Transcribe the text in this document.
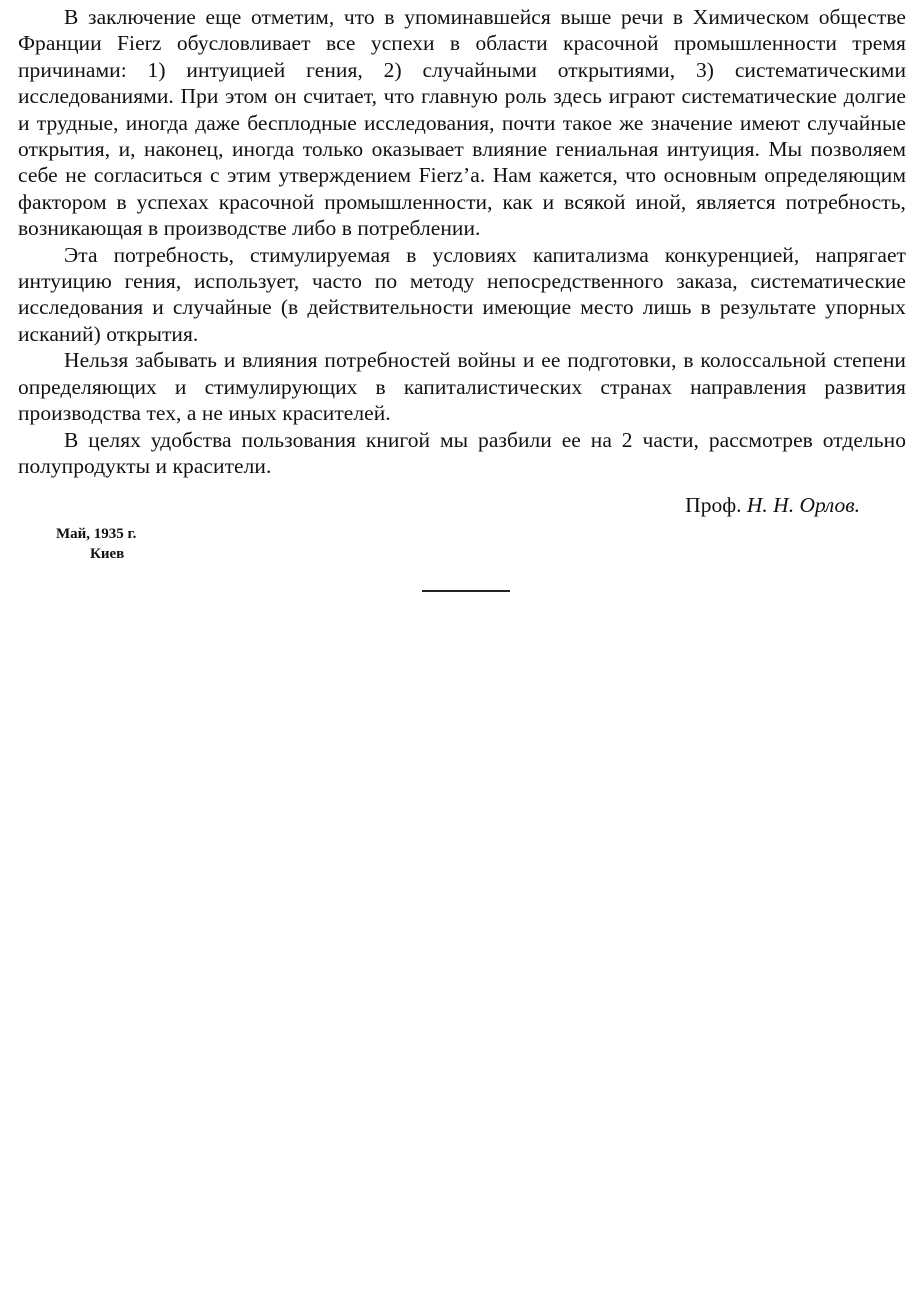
В заключение еще отметим, что в упоминавшейся выше речи в Химическом обществе Франции Fierz обусловливает все успехи в области красочной промышленности тремя причинами: 1) интуицией гения, 2) случайными открытиями, 3) систематическими исследованиями. При этом он считает, что главную роль здесь играют систематические долгие и трудные, иногда даже бесплодные исследования, почти такое же значение имеют случайные открытия, и, наконец, иногда только оказывает влияние гениальная интуиция. Мы позволяем себе не согласиться с этим утверждением Fierz’a. Нам кажется, что основным определяющим фактором в успехах красочной промышленности, как и всякой иной, является потребность, возникающая в производстве либо в потреблении.

Эта потребность, стимулируемая в условиях капитализма конкуренцией, напрягает интуицию гения, использует, часто по методу непосредственного заказа, систематические исследования и случайные (в действительности имеющие место лишь в результате упорных исканий) открытия.

Нельзя забывать и влияния потребностей войны и ее подготовки, в колоссальной степени определяющих и стимулирующих в капиталистических странах направления развития производства тех, а не иных красителей.

В целях удобства пользования книгой мы разбили ее на 2 части, рассмотрев отдельно полупродукты и красители.

Проф. Н. Н. Орлов.
Май, 1935 г.
Киев
